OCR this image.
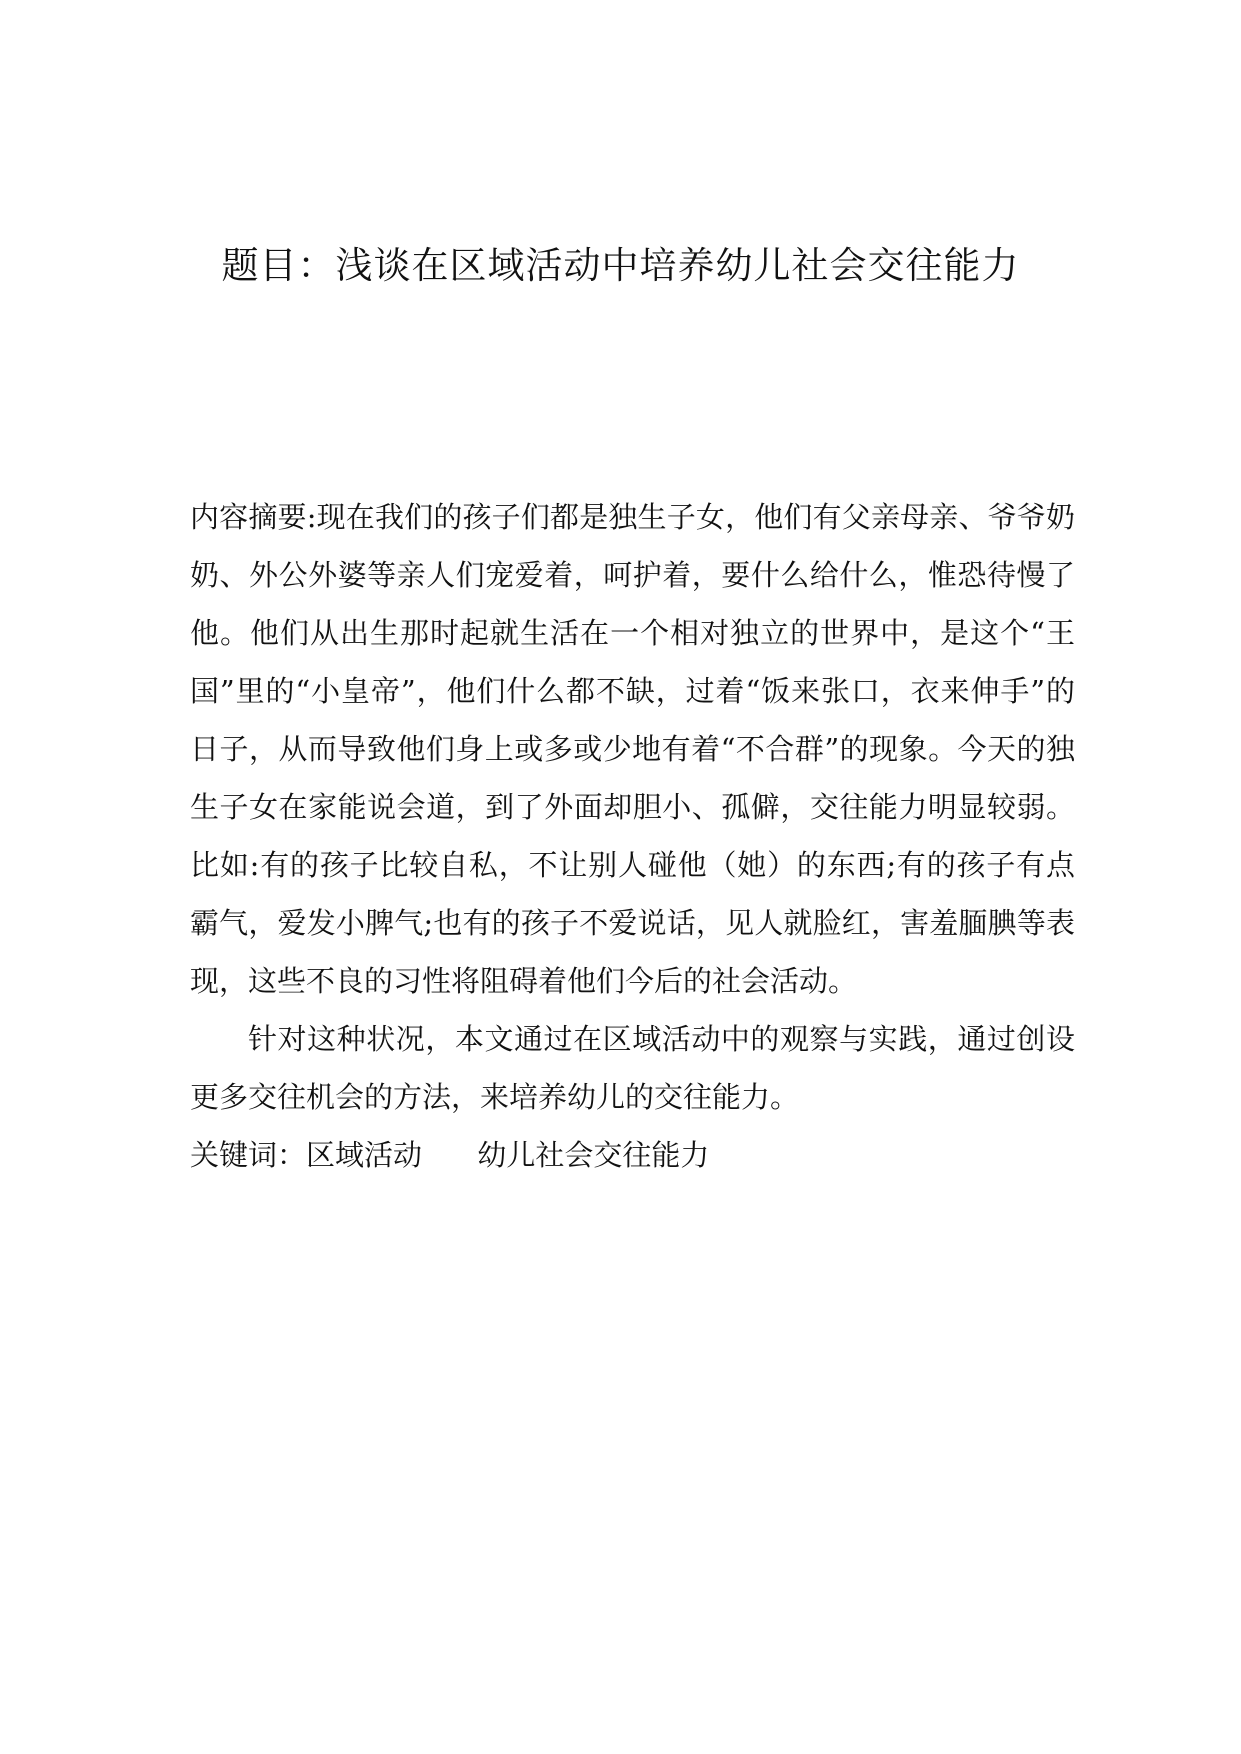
题目：浅谈在区域活动中培养幼儿社会交往能力

内容摘要:现在我们的孩子们都是独生子女，他们有父亲母亲、爷爷奶奶、外公外婆等亲人们宠爱着，呵护着，要什么给什么，惟恐待慢了他。他们从出生那时起就生活在一个相对独立的世界中，是这个“王国”里的“小皇帝”，他们什么都不缺，过着“饭来张口，衣来伸手”的日子，从而导致他们身上或多或少地有着“不合群”的现象。今天的独生子女在家能说会道，到了外面却胆小、孤僻，交往能力明显较弱。比如:有的孩子比较自私，不让别人碰他（她）的东西;有的孩子有点霸气，爱发小脾气;也有的孩子不爱说话，见人就脸红，害羞腼腆等表现，这些不良的习性将阻碍着他们今后的社会活动。

针对这种状况，本文通过在区域活动中的观察与实践，通过创设更多交往机会的方法，来培养幼儿的交往能力。

关键词：区域活动      幼儿社会交往能力
